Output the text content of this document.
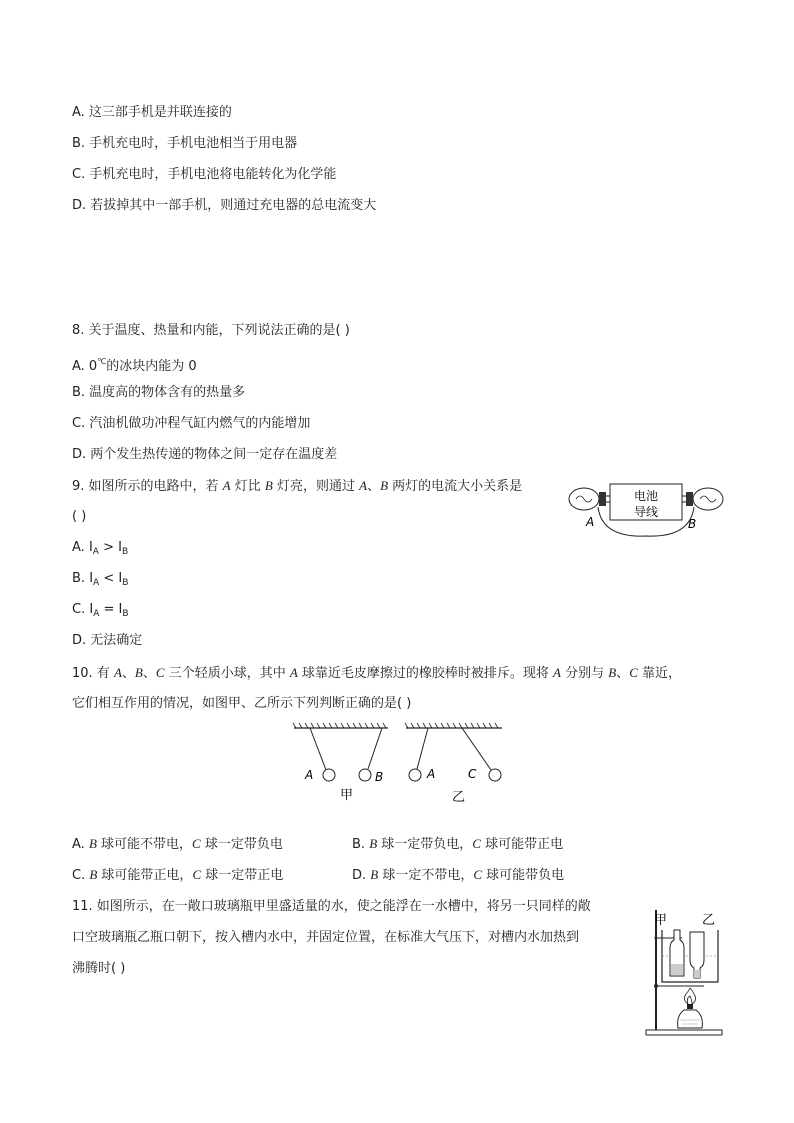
A. 这三部手机是并联连接的
B. 手机充电时，手机电池相当于用电器
C. 手机充电时，手机电池将电能转化为化学能
D. 若拔掉其中一部手机，则通过充电器的总电流变大
8. 关于温度、热量和内能，下列说法正确的是( )
A. 0℃的冰块内能为 0
B. 温度高的物体含有的热量多
C. 汽油机做功冲程气缸内燃气的内能增加
D. 两个发生热传递的物体之间一定存在温度差
9. 如图所示的电路中，若 A 灯比 B 灯亮，则通过 A、B 两灯的电流大小关系是
( )
A. $I_A > I_B$
B. $I_A < I_B$
C. $I_A = I_B$
D. 无法确定
电池
导线
A	B
10. 有 A、B、C 三个轻质小球，其中 A 球靠近毛皮摩擦过的橡胶棒时被排斥。现将 A 分别与 B、C 靠近，
它们相互作用的情况，如图甲、乙所示下列判断正确的是( )
A	B
甲
A	C
乙
A. B 球可能不带电，C 球一定带负电	B. B 球一定带负电，C 球可能带正电
C. B 球可能带正电，C 球一定带正电	D. B 球一定不带电，C 球可能带负电
11. 如图所示，在一敞口玻璃瓶甲里盛适量的水，使之能浮在一水槽中，将另一只同样的敞
口空玻璃瓶乙瓶口朝下，按入槽内水中，并固定位置，在标准大气压下，对槽内水加热到
沸腾时( )
甲	乙
